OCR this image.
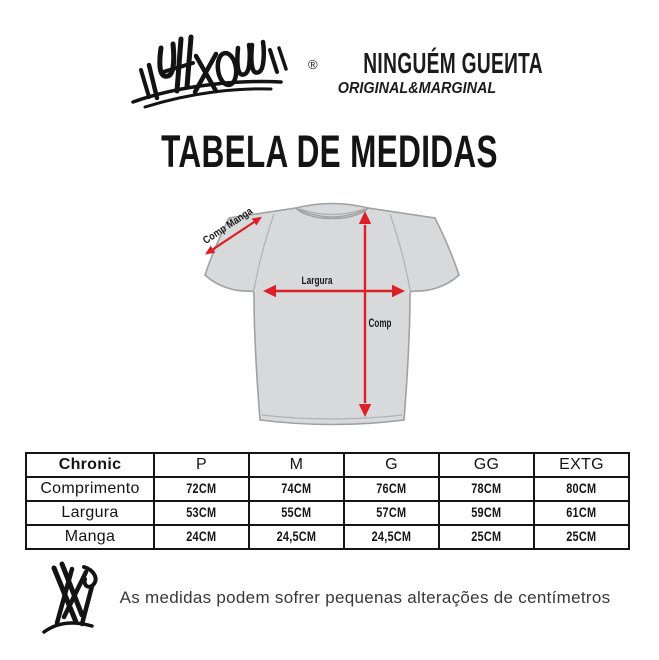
®	NINGUÉM GUEИTA
ORIGINAL&MARGINAL
TABELA DE MEDIDAS
Largura
Comp
Comp Manga
Chronic	P	M	G	GG	EXTG
Comprimento	72CM	74CM	76CM	78CM	80CM
Largura	53CM	55CM	57CM	59CM	61CM
Manga	24CM	24,5CM	24,5CM	25CM	25CM
As medidas podem sofrer pequenas alterações de centímetros
